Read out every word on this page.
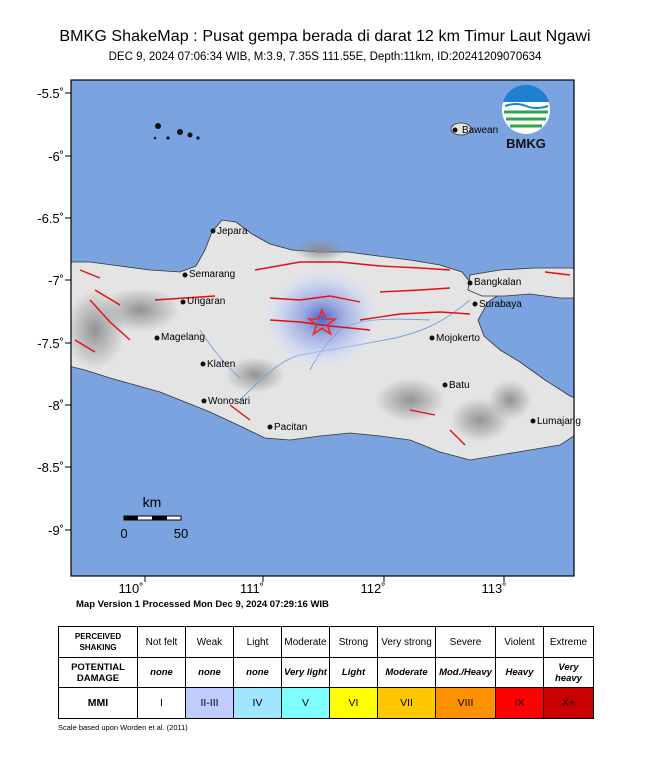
BMKG ShakeMap : Pusat gempa berada di darat 12 km Timur Laut Ngawi
DEC 9, 2024 07:06:34 WIB, M:3.9, 7.35S 111.55E, Depth:11km, ID:20241209070634
110˚	111˚	112˚	113˚
-5.5˚
-6˚
-6.5˚
-7˚
-7.5˚
-8˚
-8.5˚
-9˚
Jepara
Semarang
Ungaran
Magelang
Klaten
Wonosari
Pacitan
Bangkalan
Surabaya
Mojokerto
Batu
Lumajang
Bawean
BMKG
km
0	50
Map Version 1 Processed Mon Dec 9, 2024 07:29:16 WIB
PERCEIVED SHAKING	Not felt	Weak	Light	Moderate	Strong	Very strong	Severe	Violent	Extreme
POTENTIAL DAMAGE	none	none	none	Very light	Light	Moderate	Mod./Heavy	Heavy	Very heavy
MMI	I	II-III	IV	V	VI	VII	VIII	IX	X+
Scale based upon Worden et al. (2011)
